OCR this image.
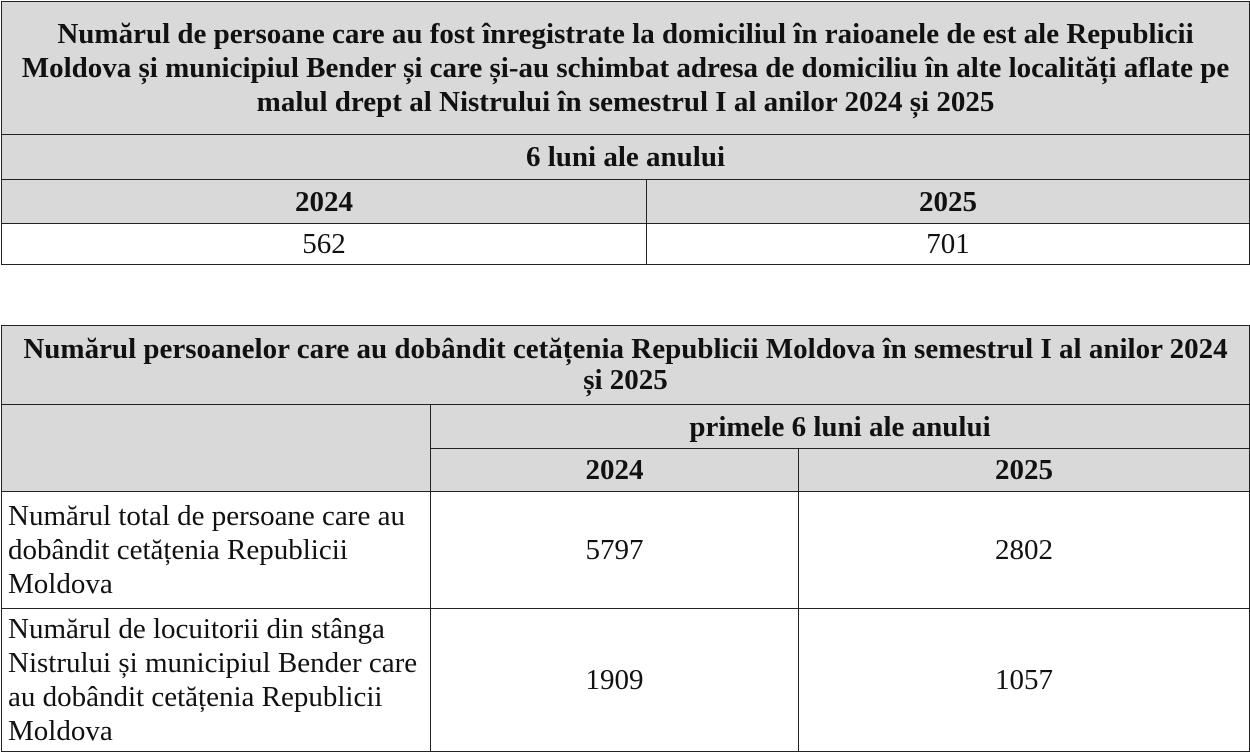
Numărul de persoane care au fost înregistrate la domiciliul în raioanele de est ale Republicii Moldova și municipiul Bender și care și-au schimbat adresa de domiciliu în alte localități aflate pe malul drept al Nistrului în semestrul I al anilor 2024 și 2025	
6 luni ale anului	
2024	2025
562	701
Numărul persoanelor care au dobândit cetățenia Republicii Moldova în semestrul I al anilor 2024 și 2025		
	primele 6 luni ale anului	
	2024	2025
Numărul total de persoane care au dobândit cetățenia Republicii Moldova	5797	2802
Numărul de locuitorii din stânga Nistrului și municipiul Bender care au dobândit cetățenia Republicii Moldova	1909	1057
